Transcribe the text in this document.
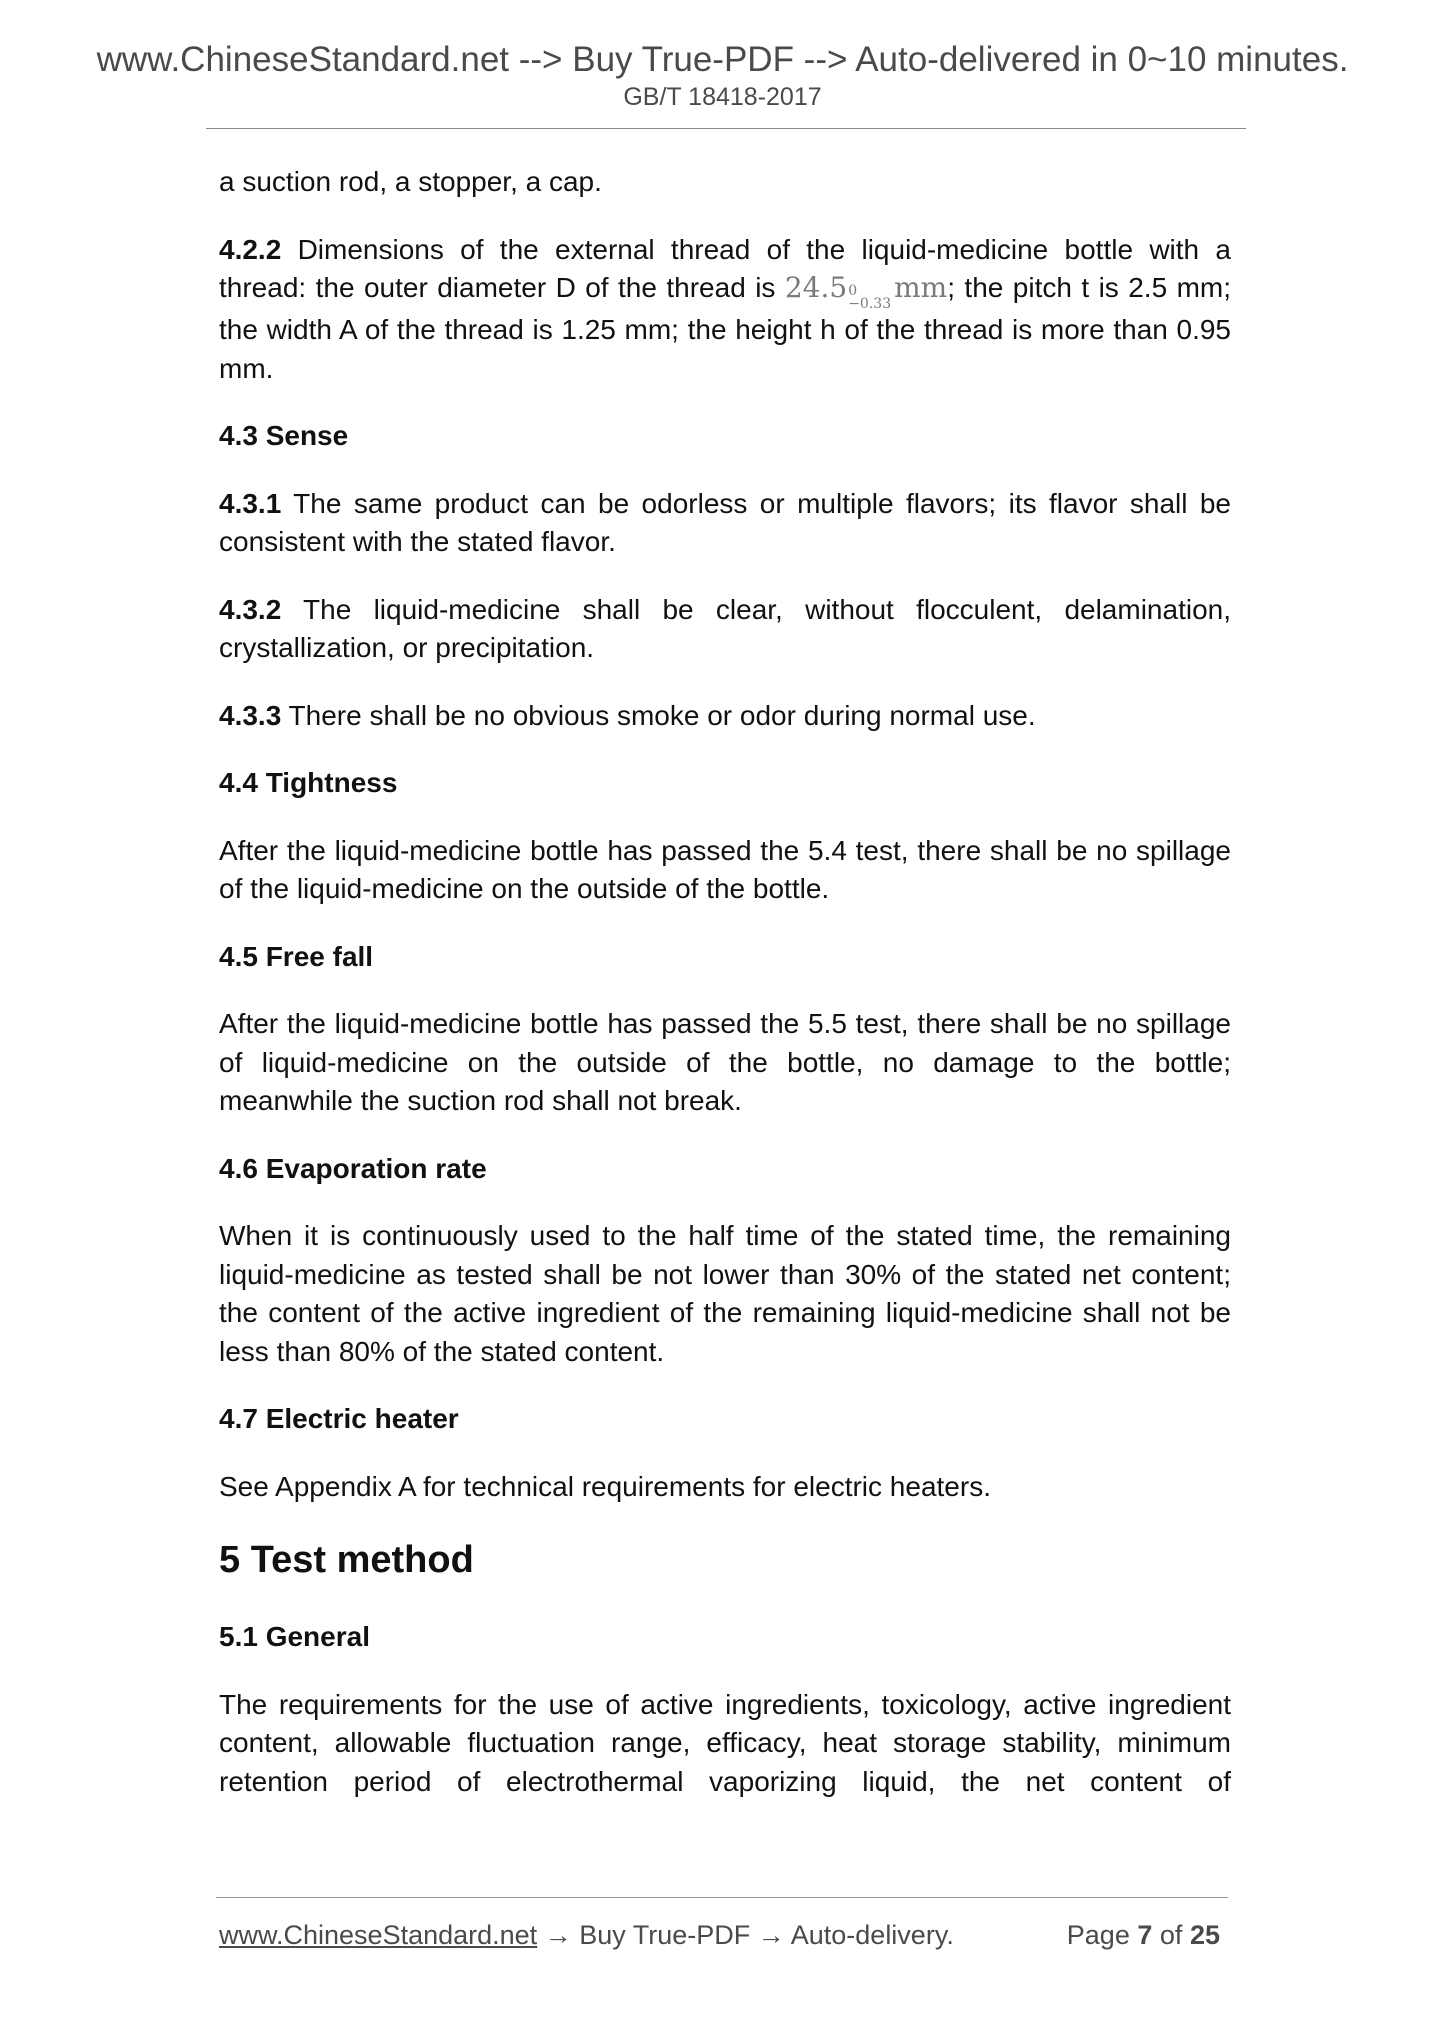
www.ChineseStandard.net --> Buy True-PDF --> Auto-delivered in 0~10 minutes.
GB/T 18418-2017

a suction rod, a stopper, a cap.

4.2.2 Dimensions of the external thread of the liquid-medicine bottle with a thread: the outer diameter D of the thread is 24.5 0
−0.33 mm; the pitch t is 2.5 mm; the width A of the thread is 1.25 mm; the height h of the thread is more than 0.95 mm.

4.3 Sense

4.3.1 The same product can be odorless or multiple flavors; its flavor shall be consistent with the stated flavor.

4.3.2 The liquid-medicine shall be clear, without flocculent, delamination, crystallization, or precipitation.

4.3.3 There shall be no obvious smoke or odor during normal use.

4.4 Tightness

After the liquid-medicine bottle has passed the 5.4 test, there shall be no spillage of the liquid-medicine on the outside of the bottle.

4.5 Free fall

After the liquid-medicine bottle has passed the 5.5 test, there shall be no spillage of liquid-medicine on the outside of the bottle, no damage to the bottle; meanwhile the suction rod shall not break.

4.6 Evaporation rate

When it is continuously used to the half time of the stated time, the remaining liquid-medicine as tested shall be not lower than 30% of the stated net content; the content of the active ingredient of the remaining liquid-medicine shall not be less than 80% of the stated content.

4.7 Electric heater

See Appendix A for technical requirements for electric heaters.

5 Test method

5.1 General

The requirements for the use of active ingredients, toxicology, active ingredient content, allowable fluctuation range, efficacy, heat storage stability, minimum retention period of electrothermal vaporizing liquid, the net content of

www.ChineseStandard.net → Buy True-PDF → Auto-delivery.	Page 7 of 25
